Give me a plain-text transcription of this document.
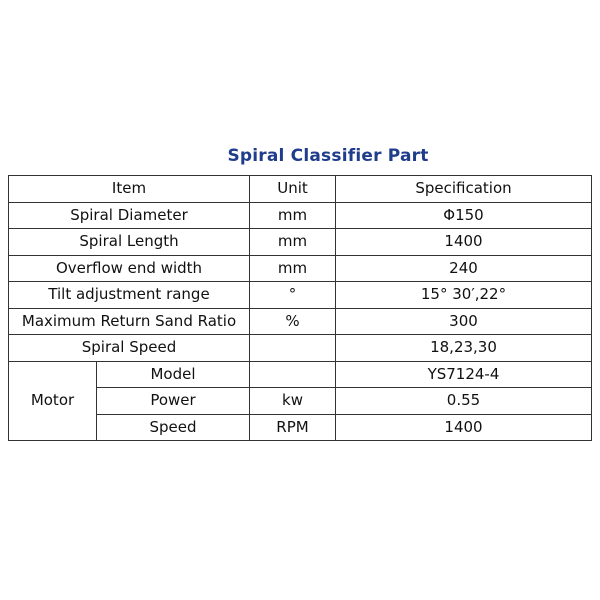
Spiral Classifier Part
Item		Unit	Specification
Spiral Diameter		mm	Φ150
Spiral Length		mm	1400
Overflow end width		mm	240
Tilt adjustment range		°	15° 30′,22°
Maximum Return Sand Ratio		%	300
Spiral Speed			18,23,30
Motor	Model		YS7124-4
	Power	kw	0.55
	Speed	RPM	1400
